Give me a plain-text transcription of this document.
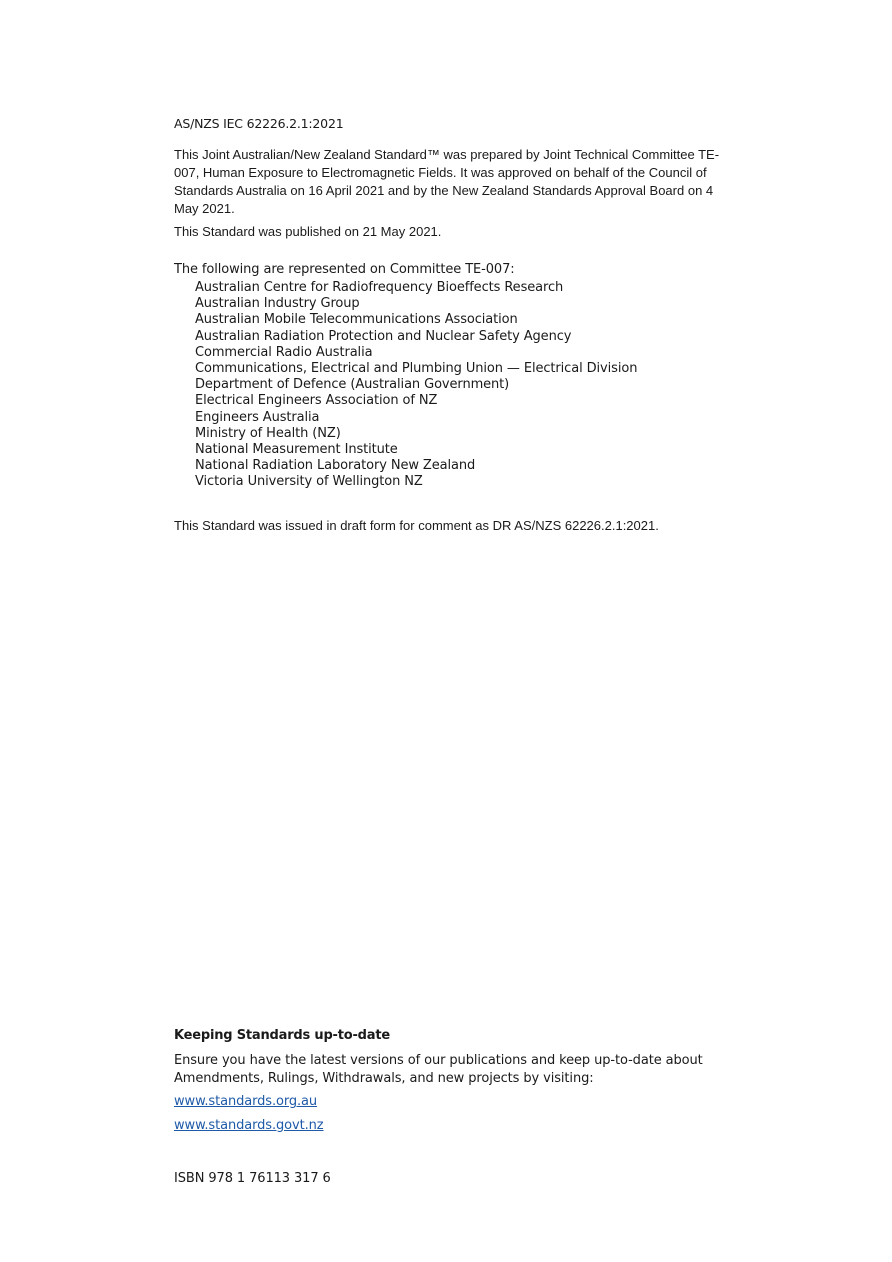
AS/NZS IEC 62226.2.1:2021

This Joint Australian/New Zealand Standard™ was prepared by Joint Technical Committee TE-007, Human Exposure to Electromagnetic Fields. It was approved on behalf of the Council of Standards Australia on 16 April 2021 and by the New Zealand Standards Approval Board on 4 May 2021.

This Standard was published on 21 May 2021.

The following are represented on Committee TE-007:

Australian Centre for Radiofrequency Bioeffects Research
Australian Industry Group
Australian Mobile Telecommunications Association
Australian Radiation Protection and Nuclear Safety Agency
Commercial Radio Australia
Communications, Electrical and Plumbing Union — Electrical Division
Department of Defence (Australian Government)
Electrical Engineers Association of NZ
Engineers Australia
Ministry of Health (NZ)
National Measurement Institute
National Radiation Laboratory New Zealand
Victoria University of Wellington NZ

This Standard was issued in draft form for comment as DR AS/NZS 62226.2.1:2021.

Keeping Standards up-to-date

Ensure you have the latest versions of our publications and keep up-to-date about Amendments, Rulings, Withdrawals, and new projects by visiting:

www.standards.org.au
www.standards.govt.nz

ISBN 978 1 76113 317 6
